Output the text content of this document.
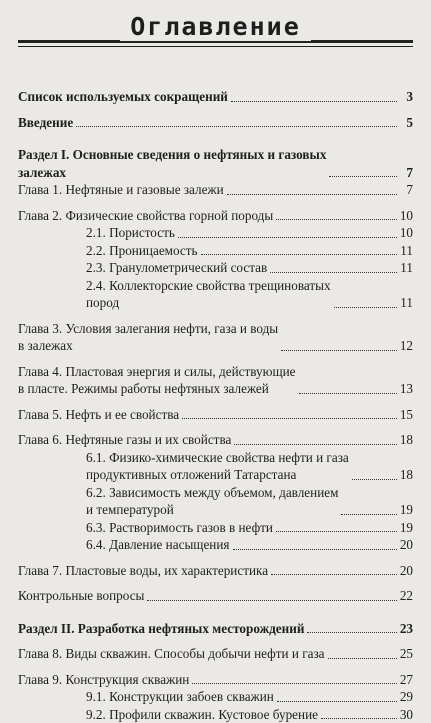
Оглавление
Список используемых сокращений	3
Введение	5
Раздел I. Основные сведения о нефтяных и газовых
залежах	7
Глава 1. Нефтяные и газовые залежи	7
Глава 2. Физические свойства горной породы	10
2.1. Пористость	10
2.2. Проницаемость	11
2.3. Гранулометрический состав	11
2.4. Коллекторские свойства трещиноватых
пород	11
Глава 3. Условия залегания нефти, газа и воды
в залежах	12
Глава 4. Пластовая энергия и силы, действующие
в пласте. Режимы работы нефтяных залежей	13
Глава 5. Нефть и ее свойства	15
Глава 6. Нефтяные газы и их свойства	18
6.1. Физико-химические свойства нефти и газа
продуктивных отложений Татарстана	18
6.2. Зависимость между объемом, давлением
и температурой	19
6.3. Растворимость газов в нефти	19
6.4. Давление насыщения	20
Глава 7. Пластовые воды, их характеристика	20
Контрольные вопросы	22
Раздел II. Разработка нефтяных месторождений	23
Глава 8. Виды скважин. Способы добычи нефти и газа	25
Глава 9. Конструкция скважин	27
9.1. Конструкции забоев скважин	29
9.2. Профили скважин. Кустовое бурение	30
